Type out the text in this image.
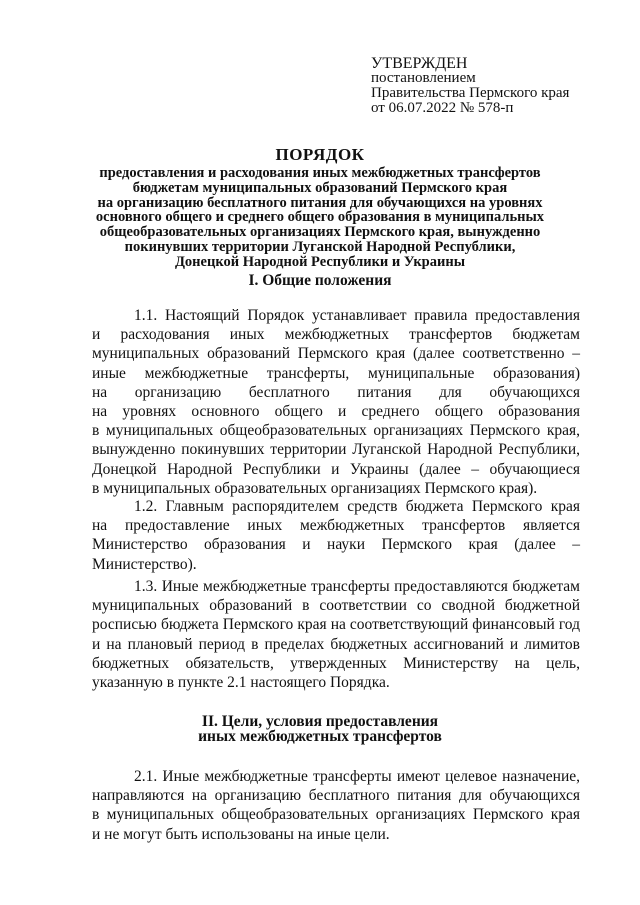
УТВЕРЖДЕН
постановлением
Правительства Пермского края
от 06.07.2022 № 578-п
ПОРЯДОК
предоставления и расходования иных межбюджетных трансфертов
бюджетам муниципальных образований Пермского края
на организацию бесплатного питания для обучающихся на уровнях
основного общего и среднего общего образования в муниципальных
общеобразовательных организациях Пермского края, вынужденно
покинувших территории Луганской Народной Республики,
Донецкой Народной Республики и Украины
I. Общие положения

1.1. Настоящий Порядок устанавливает правила предоставления

и расходования иных межбюджетных трансфертов бюджетам

муниципальных образований Пермского края (далее соответственно –

иные межбюджетные трансферты, муниципальные образования)

на организацию бесплатного питания для обучающихся

на уровнях основного общего и среднего общего образования

в муниципальных общеобразовательных организациях Пермского края,

вынужденно покинувших территории Луганской Народной Республики,

Донецкой Народной Республики и Украины (далее – обучающиеся

в муниципальных образовательных организациях Пермского края).

1.2. Главным распорядителем средств бюджета Пермского края

на предоставление иных межбюджетных трансфертов является

Министерство образования и науки Пермского края (далее –

Министерство).

1.3. Иные межбюджетные трансферты предоставляются бюджетам

муниципальных образований в соответствии со сводной бюджетной

росписью бюджета Пермского края на соответствующий финансовый год

и на плановый период в пределах бюджетных ассигнований и лимитов

бюджетных обязательств, утвержденных Министерству на цель,

указанную в пункте 2.1 настоящего Порядка.

II. Цели, условия предоставления
иных межбюджетных трансфертов

2.1. Иные межбюджетные трансферты имеют целевое назначение,

направляются на организацию бесплатного питания для обучающихся

в муниципальных общеобразовательных организациях Пермского края

и не могут быть использованы на иные цели.
